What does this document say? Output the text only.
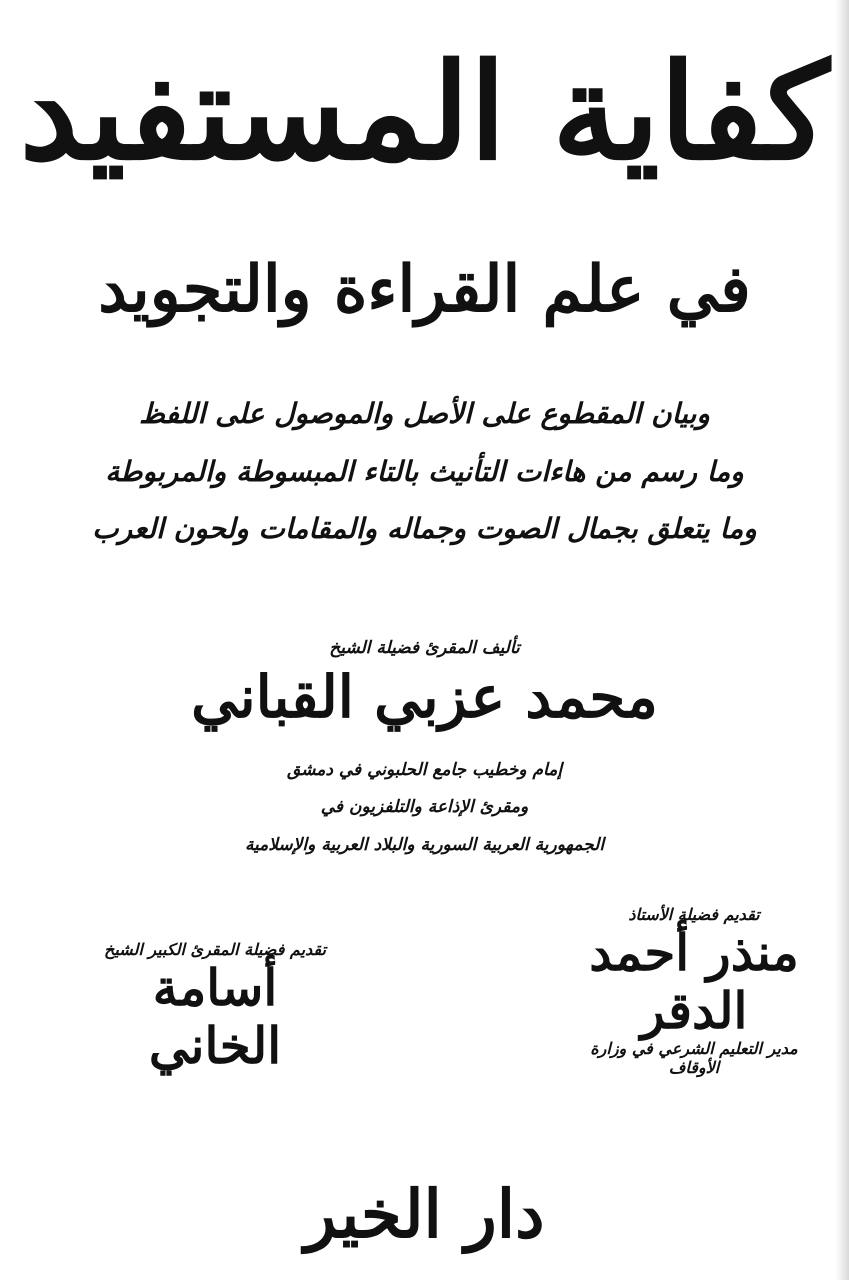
كفاية المستفيد
في علم القراءة والتجويد
وبيان المقطوع على الأصل والموصول على اللفظ
وما رسم من هاءات التأنيث بالتاء المبسوطة والمربوطة
وما يتعلق بجمال الصوت وجماله والمقامات ولحون العرب
تأليف المقرئ فضيلة الشيخ
محمد عزبي القباني
إمام وخطيب جامع الحلبوني في دمشق
ومقرئ الإذاعة والتلفزيون في
الجمهورية العربية السورية والبلاد العربية والإسلامية
تقديم فضيلة الأستاذ
منذر أحمد الدقر
مدير التعليم الشرعي في وزارة الأوقاف
تقديم فضيلة المقرئ الكبير الشيخ
أسامة الخاني
دار الخير
